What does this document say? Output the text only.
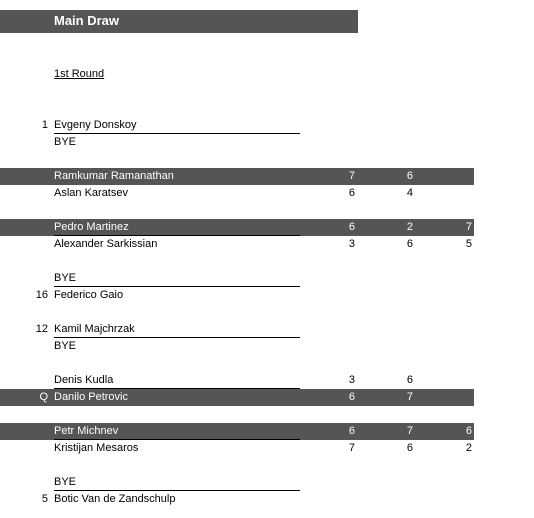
Main Draw
1st Round
1 Evgeny Donskoy
BYE
Ramkumar Ramanathan	7	6
Aslan Karatsev	6	4
Pedro Martinez	6	2	7
Alexander Sarkissian	3	6	5
BYE
16 Federico Gaio
12 Kamil Majchrzak
BYE
Denis Kudla	3	6
Q Danilo Petrovic	6	7
Petr Michnev	6	7	6
Kristijan Mesaros	7	6	2
BYE
5 Botic Van de Zandschulp
